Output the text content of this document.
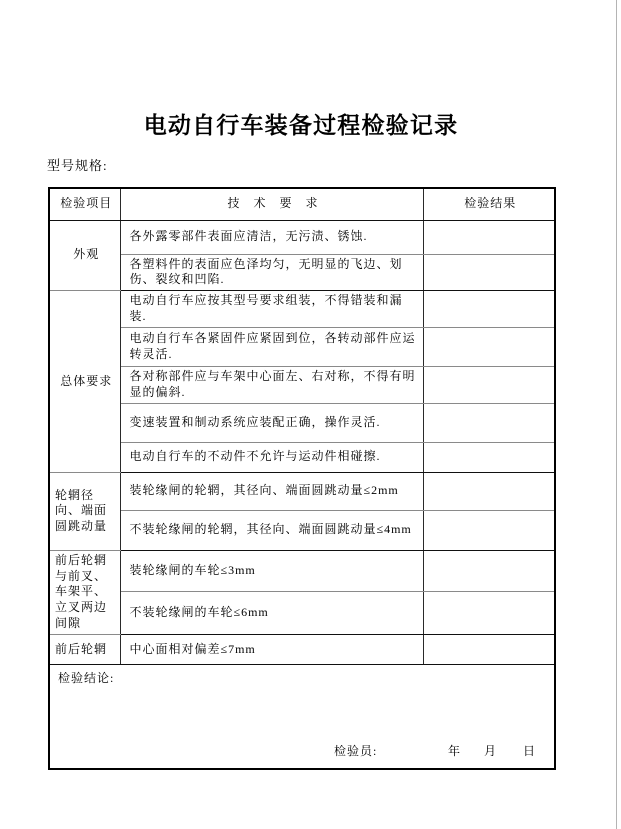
电动自行车装备过程检验记录
型号规格:
检验项目	技　术　要　求	检验结果
外观	各外露零部件表面应清洁，无污渍、锈蚀.	
	各塑料件的表面应色泽均匀，无明显的飞边、划伤、裂纹和凹陷.	
总体要求	电动自行车应按其型号要求组装，不得错装和漏装.	
	电动自行车各紧固件应紧固到位，各转动部件应运转灵活.	
	各对称部件应与车架中心面左、右对称，不得有明显的偏斜.	
	变速装置和制动系统应装配正确，操作灵活.	
	电动自行车的不动件不允许与运动件相碰擦.	
轮辋径向、端面圆跳动量	装轮缘闸的轮辋，其径向、端面圆跳动量≤2mm	
	不装轮缘闸的轮辋，其径向、端面圆跳动量≤4mm	
前后轮辋与前叉、车架平、立叉两边间隙	装轮缘闸的车轮≤3mm	
	不装轮缘闸的车轮≤6mm	
前后轮辋	中心面相对偏差≤7mm	

检验结论:
检验员: 年 月 日		
